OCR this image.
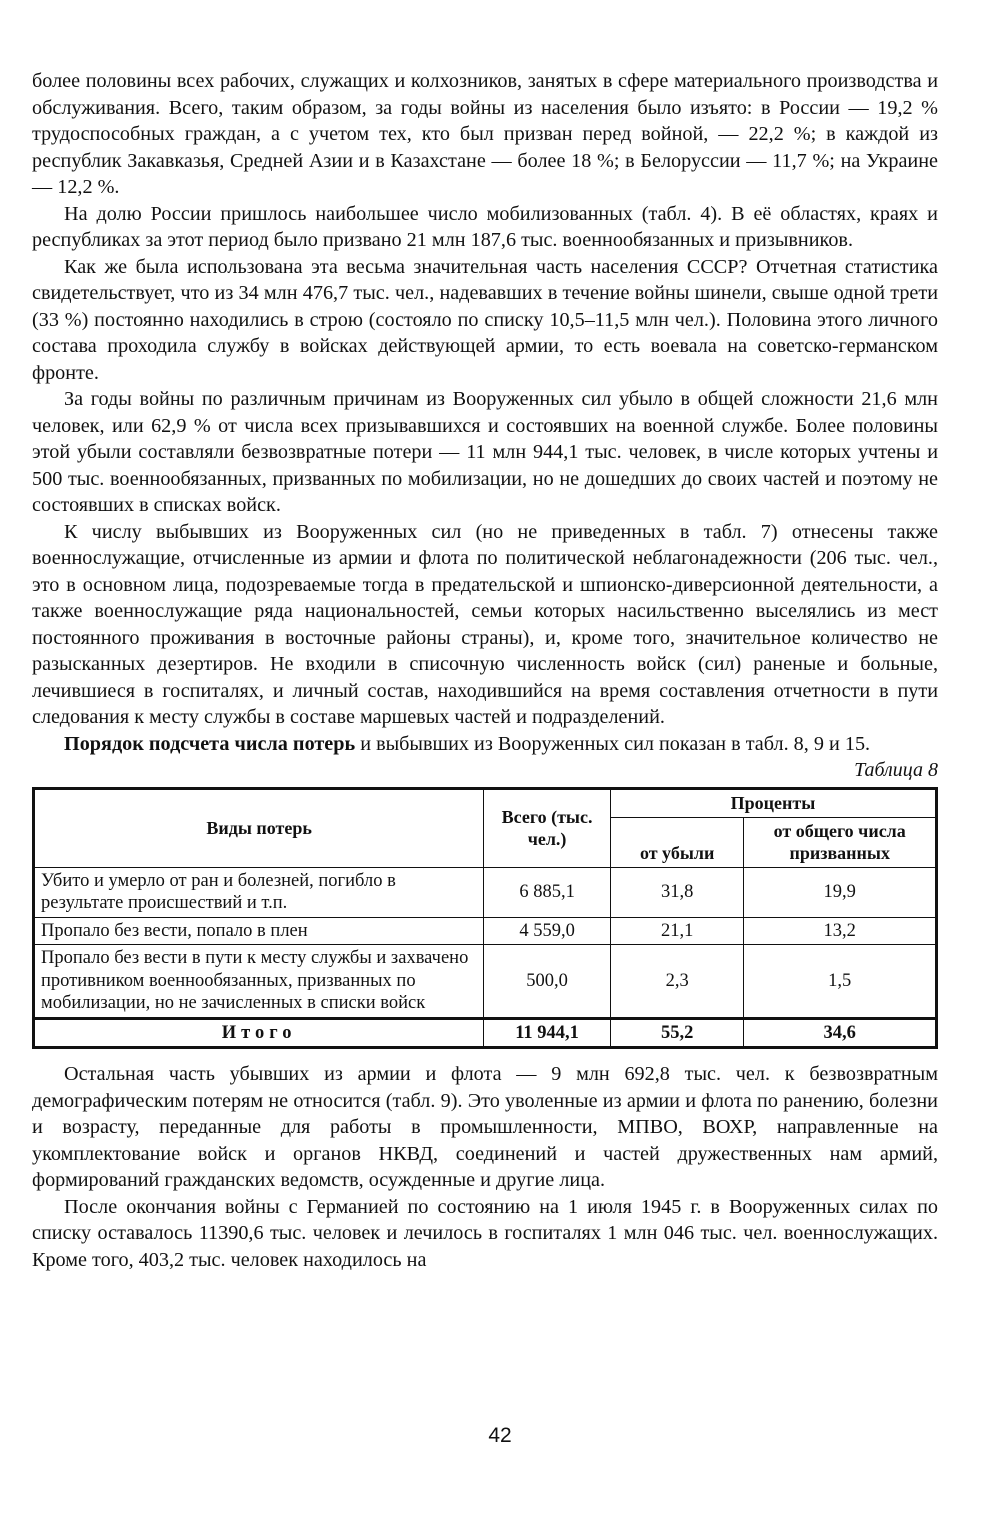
более половины всех рабочих, служащих и колхозников, занятых в сфере материального производства и обслуживания. Всего, таким образом, за годы войны из населения было изъято: в России — 19,2 % трудоспособных граждан, а с учетом тех, кто был призван перед войной, — 22,2 %; в каждой из республик Закавказья, Средней Азии и в Казахстане — более 18 %; в Белоруссии — 11,7 %; на Украине — 12,2 %.

На долю России пришлось наибольшее число мобилизованных (табл. 4). В её областях, краях и республиках за этот период было призвано 21 млн 187,6 тыс. военнообязанных и призывников.

Как же была использована эта весьма значительная часть населения СССР? Отчетная статистика свидетельствует, что из 34 млн 476,7 тыс. чел., надевавших в течение войны шинели, свыше одной трети (33 %) постоянно находились в строю (состояло по списку 10,5–11,5 млн чел.). Половина этого личного состава проходила службу в войсках действующей армии, то есть воевала на советско-германском фронте.

За годы войны по различным причинам из Вооруженных сил убыло в общей сложности 21,6 млн человек, или 62,9 % от числа всех призывавшихся и состоявших на военной службе. Более половины этой убыли составляли безвозвратные потери — 11 млн 944,1 тыс. человек, в числе которых учтены и 500 тыс. военнообязанных, призванных по мобилизации, но не дошедших до своих частей и поэтому не состоявших в списках войск.

К числу выбывших из Вооруженных сил (но не приведенных в табл. 7) отнесены также военнослужащие, отчисленные из армии и флота по политической неблагонадежности (206 тыс. чел., это в основном лица, подозреваемые тогда в предательской и шпионско-диверсионной деятельности, а также военнослужащие ряда национальностей, семьи которых насильственно выселялись из мест постоянного проживания в восточные районы страны), и, кроме того, значительное количество не разысканных дезертиров. Не входили в списочную численность войск (сил) раненые и больные, лечившиеся в госпиталях, и личный состав, находившийся на время составления отчетности в пути следования к месту службы в составе маршевых частей и подразделений.

Порядок подсчета числа потерь и выбывших из Вооруженных сил показан в табл. 8, 9 и 15.

Таблица 8
Виды потерь	Всего (тыс. чел.)	Проценты	
		от убыли	от общего числа призванных
Убито и умерло от ран и болезней, погибло в результате происшествий и т.п.	6 885,1	31,8	19,9
Пропало без вести, попало в плен	4 559,0	21,1	13,2
Пропало без вести в пути к месту службы и захвачено противником военнообязанных, призванных по мобилизации, но не зачисленных в списки войск	500,0	2,3	1,5
Итого	11 944,1	55,2	34,6

Остальная часть убывших из армии и флота — 9 млн 692,8 тыс. чел. к безвозвратным демографическим потерям не относится (табл. 9). Это уволенные из армии и флота по ранению, болезни и возрасту, переданные для работы в промышленности, МПВО, ВОХР, направленные на укомплектование войск и органов НКВД, соединений и частей дружественных нам армий, формирований гражданских ведомств, осужденные и другие лица.

После окончания войны с Германией по состоянию на 1 июля 1945 г. в Вооруженных силах по списку оставалось 11390,6 тыс. человек и лечилось в госпиталях 1 млн 046 тыс. чел. военнослужащих. Кроме того, 403,2 тыс. человек находилось на

42
